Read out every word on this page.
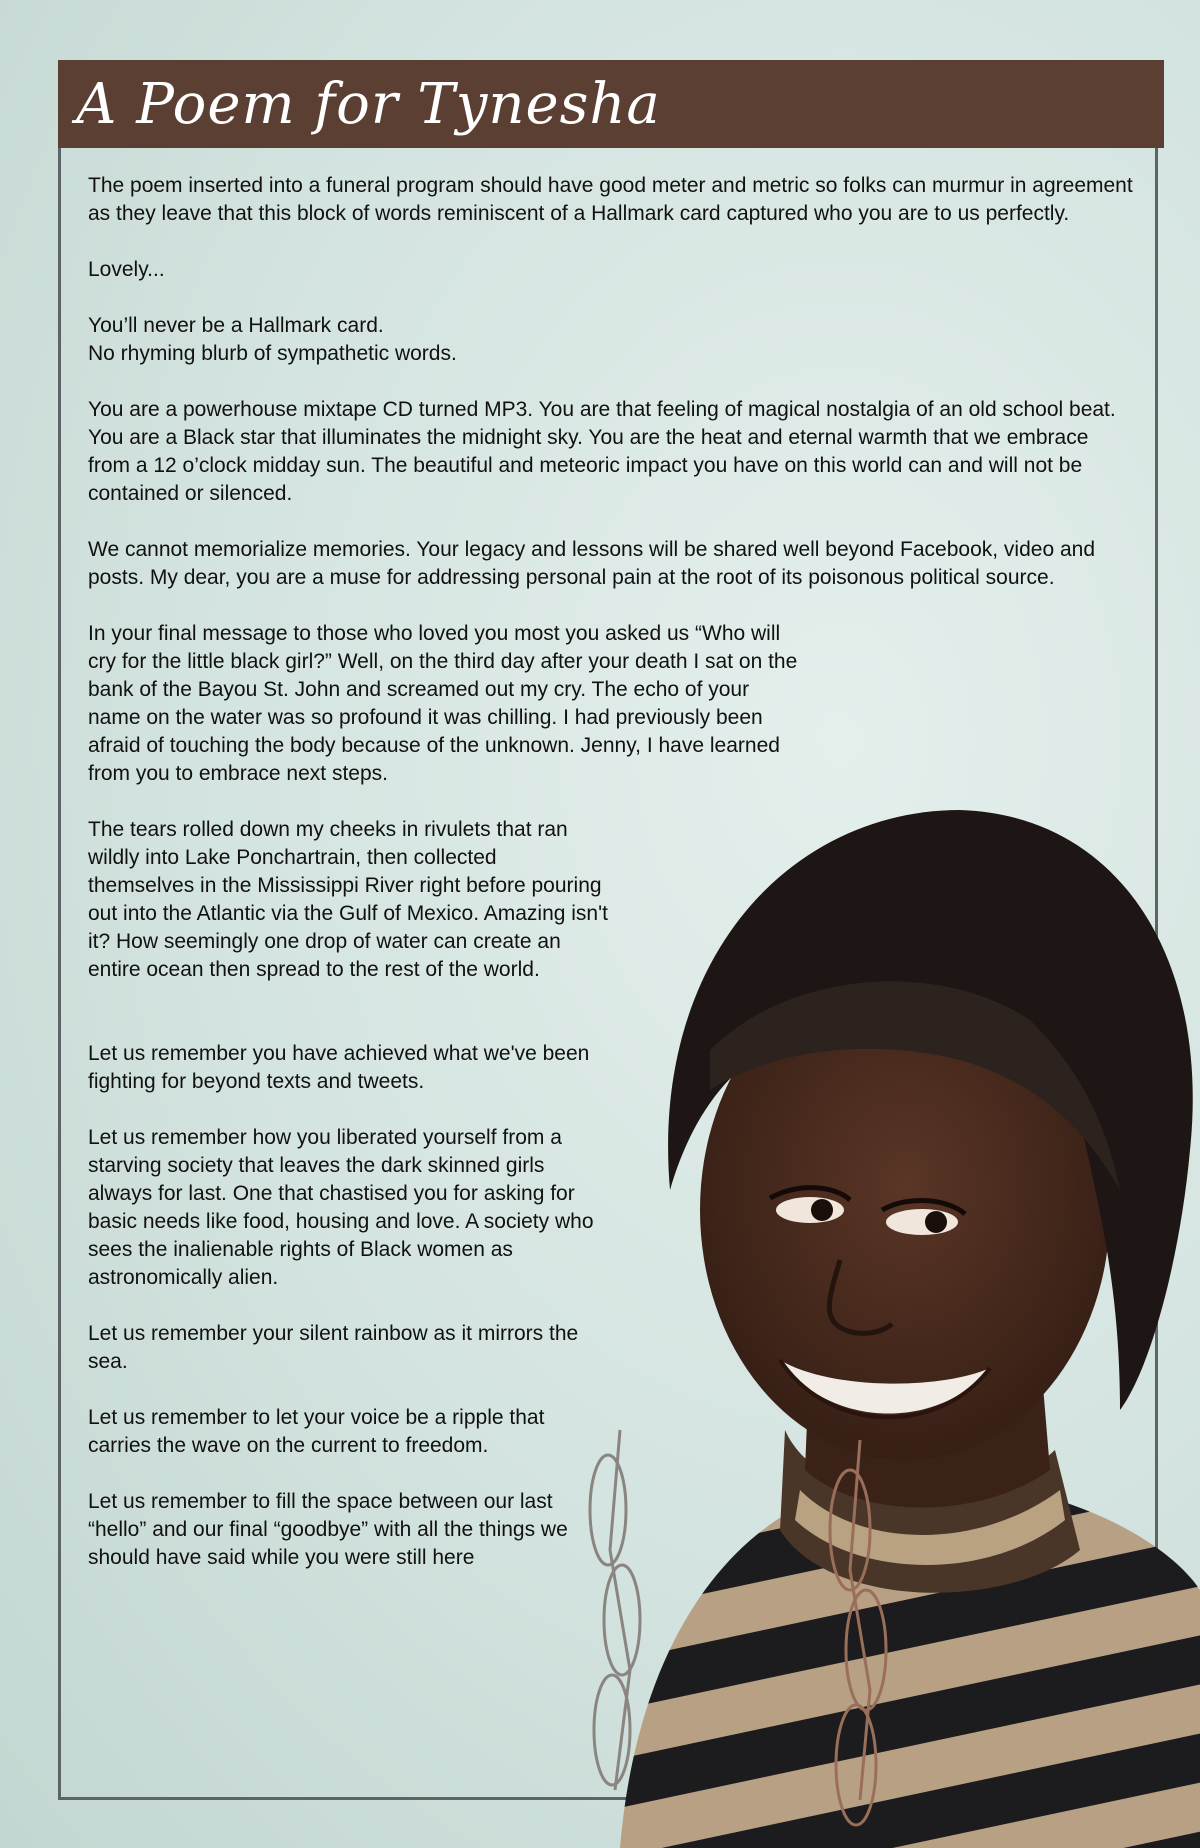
A Poem for Tynesha

The poem inserted into a funeral program should have good meter and metric so folks can murmur in agreement as they leave that this block of words reminiscent of a Hallmark card captured who you are to us perfectly.

Lovely...

You’ll never be a Hallmark card.
No rhyming blurb of sympathetic words.

You are a powerhouse mixtape CD turned MP3. You are that feeling of magical nostalgia of an old school beat. You are a Black star that illuminates the midnight sky. You are the heat and eternal warmth that we embrace from a 12 o’clock midday sun. The beautiful and meteoric impact you have on this world can and will not be contained or silenced.

We cannot memorialize memories. Your legacy and lessons will be shared well beyond Facebook, video and posts. My dear, you are a muse for addressing personal pain at the root of its poisonous political source.

In your final message to those who loved you most you asked us “Who will cry for the little black girl?” Well, on the third day after your death I sat on the bank of the Bayou St. John and screamed out my cry. The echo of your name on the water was so profound it was chilling. I had previously been afraid of touching the body because of the unknown. Jenny, I have learned from you to embrace next steps.

The tears rolled down my cheeks in rivulets that ran wildly into Lake Ponchartrain, then collected themselves in the Mississippi River right before pouring out into the Atlantic via the Gulf of Mexico. Amazing isn't it? How seemingly one drop of water can create an entire ocean then spread to the rest of the world.

Let us remember you have achieved what we've been fighting for beyond texts and tweets.

Let us remember how you liberated yourself from a starving society that leaves the dark skinned girls always for last. One that chastised you for asking for basic needs like food, housing and love. A society who sees the inalienable rights of Black women as astronomically alien.

Let us remember your silent rainbow as it mirrors the sea.

Let us remember to let your voice be a ripple that carries the wave on the current to freedom.

Let us remember to fill the space between our last “hello” and our final “goodbye” with all the things we should have said while you were still here
